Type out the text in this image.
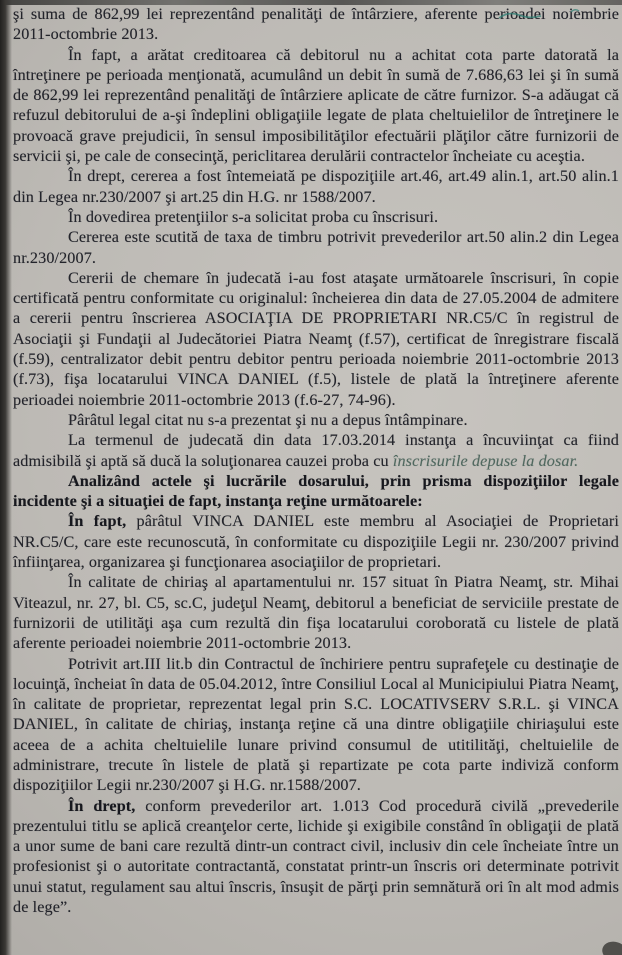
şi suma de 862,99 lei reprezentând penalităţi de întârziere, aferente perioadei noiembrie 2011-octombrie 2013.

În fapt, a arătat creditoarea că debitorul nu a achitat cota parte datorată la întreţinere pe perioada menţionată, acumulând un debit în sumă de 7.686,63 lei şi în sumă de 862,99 lei reprezentând penalităţi de întârziere aplicate de către furnizor. S-a adăugat că refuzul debitorului de a-şi îndeplini obligaţiile legate de plata cheltuielilor de întreţinere le provoacă grave prejudicii, în sensul imposibilităţilor efectuării plăţilor către furnizorii de servicii şi, pe cale de consecinţă, periclitarea derulării contractelor încheiate cu aceştia.

În drept, cererea a fost întemeiată pe dispoziţiile art.46, art.49 alin.1, art.50 alin.1 din Legea nr.230/2007 şi art.25 din H.G. nr 1588/2007.

În dovedirea pretenţiilor s-a solicitat proba cu înscrisuri.

Cererea este scutită de taxa de timbru potrivit prevederilor art.50 alin.2 din Legea nr.230/2007.

Cererii de chemare în judecată i-au fost ataşate următoarele înscrisuri, în copie certificată pentru conformitate cu originalul: încheierea din data de 27.05.2004 de admitere a cererii pentru înscrierea ASOCIAŢIA DE PROPRIETARI NR.C5/C în registrul de Asociaţii şi Fundaţii al Judecătoriei Piatra Neamţ (f.57), certificat de înregistrare fiscală (f.59), centralizator debit pentru debitor pentru perioada noiembrie 2011-octombrie 2013 (f.73), fişa locatarului VINCA DANIEL (f.5), listele de plată la întreţinere aferente perioadei noiembrie 2011-octombrie 2013 (f.6-27, 74-96).

Pârâtul legal citat nu s-a prezentat şi nu a depus întâmpinare.

La termenul de judecată din data 17.03.2014 instanţa a încuviinţat ca fiind admisibilă şi aptă să ducă la soluţionarea cauzei proba cu înscrisurile depuse la dosar.

Analizând actele şi lucrările dosarului, prin prisma dispoziţiilor legale incidente şi a situaţiei de fapt, instanţa reţine următoarele:

În fapt, pârâtul VINCA DANIEL este membru al Asociaţiei de Proprietari NR.C5/C, care este recunoscută, în conformitate cu dispoziţiile Legii nr. 230/2007 privind înfiinţarea, organizarea şi funcţionarea asociaţiilor de proprietari.

În calitate de chiriaş al apartamentului nr. 157 situat în Piatra Neamţ, str. Mihai Viteazul, nr. 27, bl. C5, sc.C, judeţul Neamţ, debitorul a beneficiat de serviciile prestate de furnizorii de utilităţi aşa cum rezultă din fişa locatarului coroborată cu listele de plată aferente perioadei noiembrie 2011-octombrie 2013.

Potrivit art.III lit.b din Contractul de închiriere pentru suprafeţele cu destinaţie de locuinţă, încheiat în data de 05.04.2012, între Consiliul Local al Municipiului Piatra Neamţ, în calitate de proprietar, reprezentat legal prin S.C. LOCATIVSERV S.R.L. şi VINCA DANIEL, în calitate de chiriaş, instanţa reţine că una dintre obligaţiile chiriaşului este aceea de a achita cheltuielile lunare privind consumul de utitilităţi, cheltuielile de administrare, trecute în listele de plată şi repartizate pe cota parte indiviză conform dispoziţiilor Legii nr.230/2007 şi H.G. nr.1588/2007.

În drept, conform prevederilor art. 1.013 Cod procedură civilă „prevederile prezentului titlu se aplică creanţelor certe, lichide şi exigibile constând în obligaţii de plată a unor sume de bani care rezultă dintr-un contract civil, inclusiv din cele încheiate între un profesionist şi o autoritate contractantă, constatat printr-un înscris ori determinate potrivit unui statut, regulament sau altui înscris, însuşit de părţi prin semnătură ori în alt mod admis de lege”.
